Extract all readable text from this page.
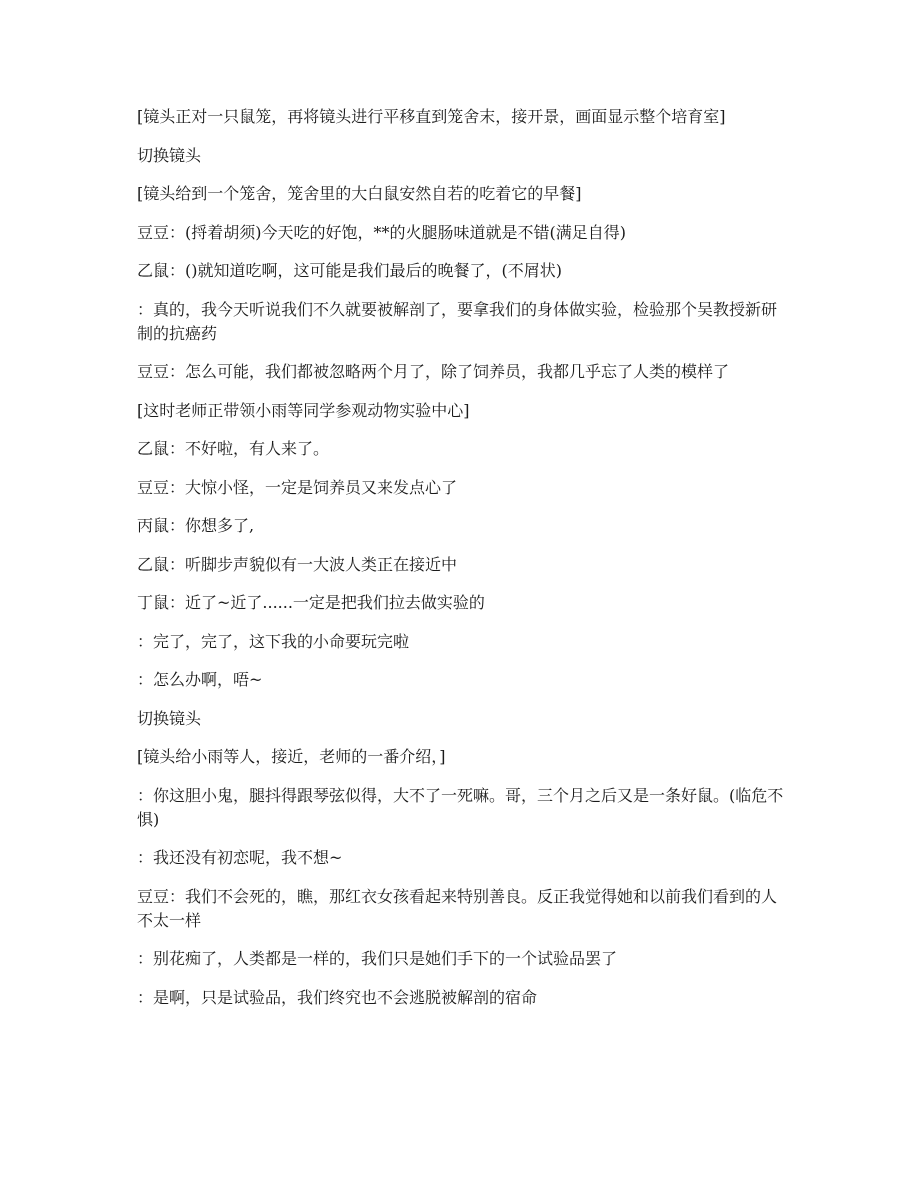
[镜头正对一只鼠笼，再将镜头进行平移直到笼舍末，接开景，画面显示整个培育室]

切换镜头

[镜头给到一个笼舍，笼舍里的大白鼠安然自若的吃着它的早餐]

豆豆：(捋着胡须)今天吃的好饱，**的火腿肠味道就是不错(满足自得)

乙鼠：()就知道吃啊，这可能是我们最后的晚餐了，(不屑状)

：真的，我今天听说我们不久就要被解剖了，要拿我们的身体做实验，检验那个吴教授新研制的抗癌药

豆豆：怎么可能，我们都被忽略两个月了，除了饲养员，我都几乎忘了人类的模样了

[这时老师正带领小雨等同学参观动物实验中心]

乙鼠：不好啦，有人来了。

豆豆：大惊小怪，一定是饲养员又来发点心了

丙鼠：你想多了,

乙鼠：听脚步声貌似有一大波人类正在接近中

丁鼠：近了~近了......一定是把我们拉去做实验的

：完了，完了，这下我的小命要玩完啦

：怎么办啊，唔~

切换镜头

[镜头给小雨等人，接近，老师的一番介绍，]

：你这胆小鬼，腿抖得跟琴弦似得，大不了一死嘛。哥，三个月之后又是一条好鼠。(临危不惧)

：我还没有初恋呢，我不想~

豆豆：我们不会死的，瞧，那红衣女孩看起来特别善良。反正我觉得她和以前我们看到的人不太一样

：别花痴了，人类都是一样的，我们只是她们手下的一个试验品罢了

：是啊，只是试验品，我们终究也不会逃脱被解剖的宿命
